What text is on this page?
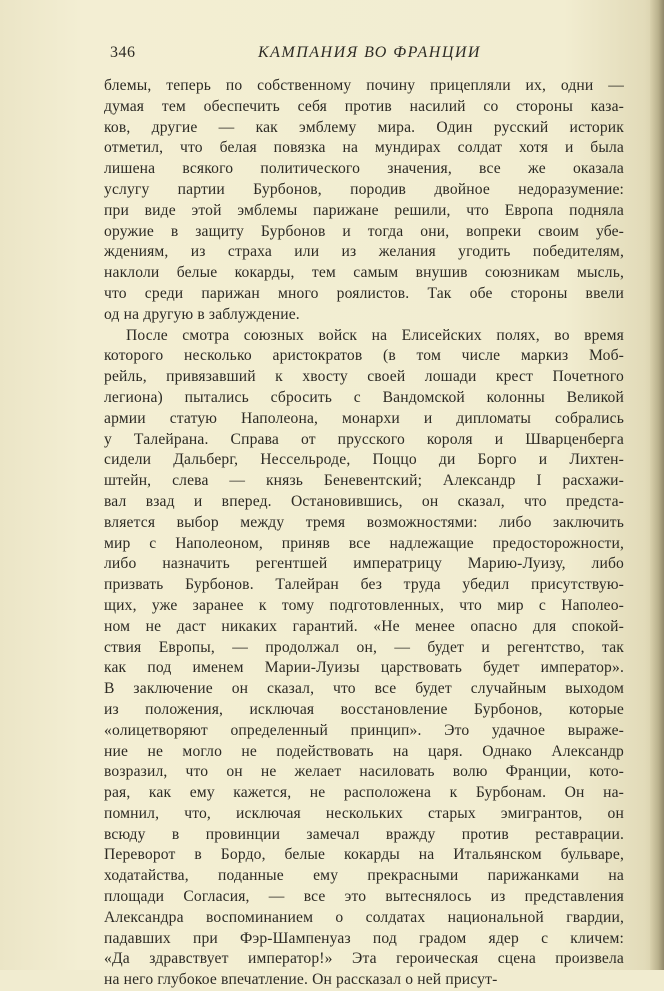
346	КАМПАНИЯ ВО ФРАНЦИИ
блемы, теперь по собственному почину прицепляли их, одни —
думая тем обеспечить себя против насилий со стороны каза-
ков, другие — как эмблему мира. Один русский историк
отметил, что белая повязка на мундирах солдат хотя и была
лишена всякого политического значения, все же оказала
услугу партии Бурбонов, породив двойное недоразумение:
при виде этой эмблемы парижане решили, что Европа подняла
оружие в защиту Бурбонов и тогда они, вопреки своим убе-
ждениям, из страха или из желания угодить победителям,
наклоли белые кокарды, тем самым внушив союзникам мысль,
что среди парижан много роялистов. Так обе стороны ввели
од на другую в заблуждение.
После смотра союзных войск на Елисейских полях, во время
которого несколько аристократов (в том числе маркиз Моб-
рейль, привязавший к хвосту своей лошади крест Почетного
легиона) пытались сбросить с Вандомской колонны Великой
армии статую Наполеона, монархи и дипломаты собрались
у Талейрана. Справа от прусского короля и Шварценберга
сидели Дальберг, Нессельроде, Поццо ди Борго и Лихтен-
штейн, слева — князь Беневентский; Александр I расхажи-
вал взад и вперед. Остановившись, он сказал, что предста-
вляется выбор между тремя возможностями: либо заключить
мир с Наполеоном, приняв все надлежащие предосторожности,
либо назначить регентшей императрицу Марию-Луизу, либо
призвать Бурбонов. Талейран без труда убедил присутствую-
щих, уже заранее к тому подготовленных, что мир с Наполео-
ном не даст никаких гарантий. «Не менее опасно для спокой-
ствия Европы, — продолжал он, — будет и регентство, так
как под именем Марии-Луизы царствовать будет император».
В заключение он сказал, что все будет случайным выходом
из положения, исключая восстановление Бурбонов, которые
«олицетворяют определенный принцип». Это удачное выраже-
ние не могло не подействовать на царя. Однако Александр
возразил, что он не желает насиловать волю Франции, кото-
рая, как ему кажется, не расположена к Бурбонам. Он на-
помнил, что, исключая нескольких старых эмигрантов, он
всюду в провинции замечал вражду против реставрации.
Переворот в Бордо, белые кокарды на Итальянском бульваре,
ходатайства, поданные ему прекрасными парижанками на
площади Согласия, — все это вытеснялось из представления
Александра воспоминанием о солдатах национальной гвардии,
падавших при Фэр-Шампенуаз под градом ядер с кличем:
«Да здравствует император!» Эта героическая сцена произвела
на него глубокое впечатление. Он рассказал о ней присут-
